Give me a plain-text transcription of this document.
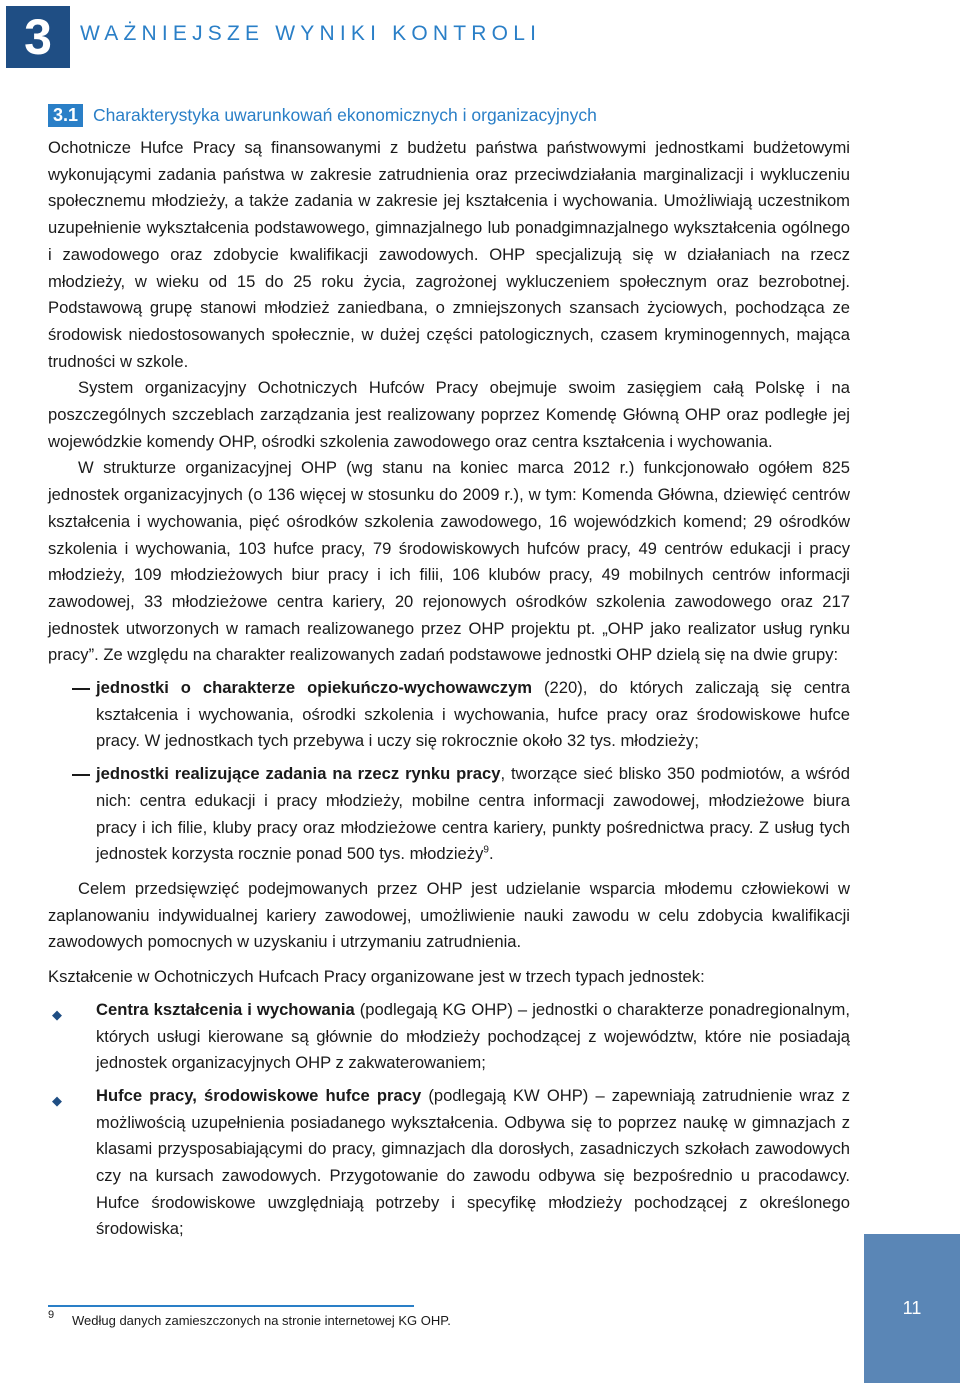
3 WAŻNIEJSZE WYNIKI KONTROLI
3.1 Charakterystyka uwarunkowań ekonomicznych i organizacyjnych

Ochotnicze Hufce Pracy są finansowanymi z budżetu państwa państwowymi jednostkami budżetowymi wykonującymi zadania państwa w zakresie zatrudnienia oraz przeciwdziałania marginalizacji i wykluczeniu społecznemu młodzieży, a także zadania w zakresie jej kształcenia i wychowania. Umożliwiają uczestnikom uzupełnienie wykształcenia podstawowego, gimnazjalnego lub ponadgimnazjalnego wykształcenia ogólnego i zawodowego oraz zdobycie kwalifikacji zawodowych. OHP specjalizują się w działaniach na rzecz młodzieży, w wieku od 15 do 25 roku życia, zagrożonej wykluczeniem społecznym oraz bezrobotnej. Podstawową grupę stanowi młodzież zaniedbana, o zmniejszonych szansach życiowych, pochodząca ze środowisk niedostosowanych społecznie, w dużej części patologicznych, czasem kryminogennych, mająca trudności w szkole.

System organizacyjny Ochotniczych Hufców Pracy obejmuje swoim zasięgiem całą Polskę i na poszczególnych szczeblach zarządzania jest realizowany poprzez Komendę Główną OHP oraz podległe jej wojewódzkie komendy OHP, ośrodki szkolenia zawodowego oraz centra kształcenia i wychowania.

W strukturze organizacyjnej OHP (wg stanu na koniec marca 2012 r.) funkcjonowało ogółem 825 jednostek organizacyjnych (o 136 więcej w stosunku do 2009 r.), w tym: Komenda Główna, dziewięć centrów kształcenia i wychowania, pięć ośrodków szkolenia zawodowego, 16 wojewódzkich komend; 29 ośrodków szkolenia i wychowania, 103 hufce pracy, 79 środowiskowych hufców pracy, 49 centrów edukacji i pracy młodzieży, 109 młodzieżowych biur pracy i ich filii, 106 klubów pracy, 49 mobilnych centrów informacji zawodowej, 33 młodzieżowe centra kariery, 20 rejonowych ośrodków szkolenia zawodowego oraz 217 jednostek utworzonych w ramach realizowanego przez OHP projektu pt. „OHP jako realizator usług rynku pracy”. Ze względu na charakter realizowanych zadań podstawowe jednostki OHP dzielą się na dwie grupy:

jednostki o charakterze opiekuńczo-wychowawczym (220), do których zaliczają się centra kształcenia i wychowania, ośrodki szkolenia i wychowania, hufce pracy oraz środowiskowe hufce pracy. W jednostkach tych przebywa i uczy się rokrocznie około 32 tys. młodzieży;
jednostki realizujące zadania na rzecz rynku pracy, tworzące sieć blisko 350 podmiotów, a wśród nich: centra edukacji i pracy młodzieży, mobilne centra informacji zawodowej, młodzieżowe biura pracy i ich filie, kluby pracy oraz młodzieżowe centra kariery, punkty pośrednictwa pracy. Z usług tych jednostek korzysta rocznie ponad 500 tys. młodzieży$^9$.

Celem przedsięwzięć podejmowanych przez OHP jest udzielanie wsparcia młodemu człowiekowi w zaplanowaniu indywidualnej kariery zawodowej, umożliwienie nauki zawodu w celu zdobycia kwalifikacji zawodowych pomocnych w uzyskaniu i utrzymaniu zatrudnienia.

Kształcenie w Ochotniczych Hufcach Pracy organizowane jest w trzech typach jednostek:

◆ Centra kształcenia i wychowania (podlegają KG OHP) – jednostki o charakterze ponadregionalnym, których usługi kierowane są głównie do młodzieży pochodzącej z województw, które nie posiadają jednostek organizacyjnych OHP z zakwaterowaniem;
◆ Hufce pracy, środowiskowe hufce pracy (podlegają KW OHP) – zapewniają zatrudnienie wraz z możliwością uzupełnienia posiadanego wykształcenia. Odbywa się to poprzez naukę w gimnazjach z klasami przysposabiającymi do pracy, gimnazjach dla dorosłych, zasadniczych szkołach zawodowych czy na kursach zawodowych. Przygotowanie do zawodu odbywa się bezpośrednio u pracodawcy. Hufce środowiskowe uwzględniają potrzeby i specyfikę młodzieży pochodzącej z określonego środowiska;
9 Według danych zamieszczonych na stronie internetowej KG OHP.
11
